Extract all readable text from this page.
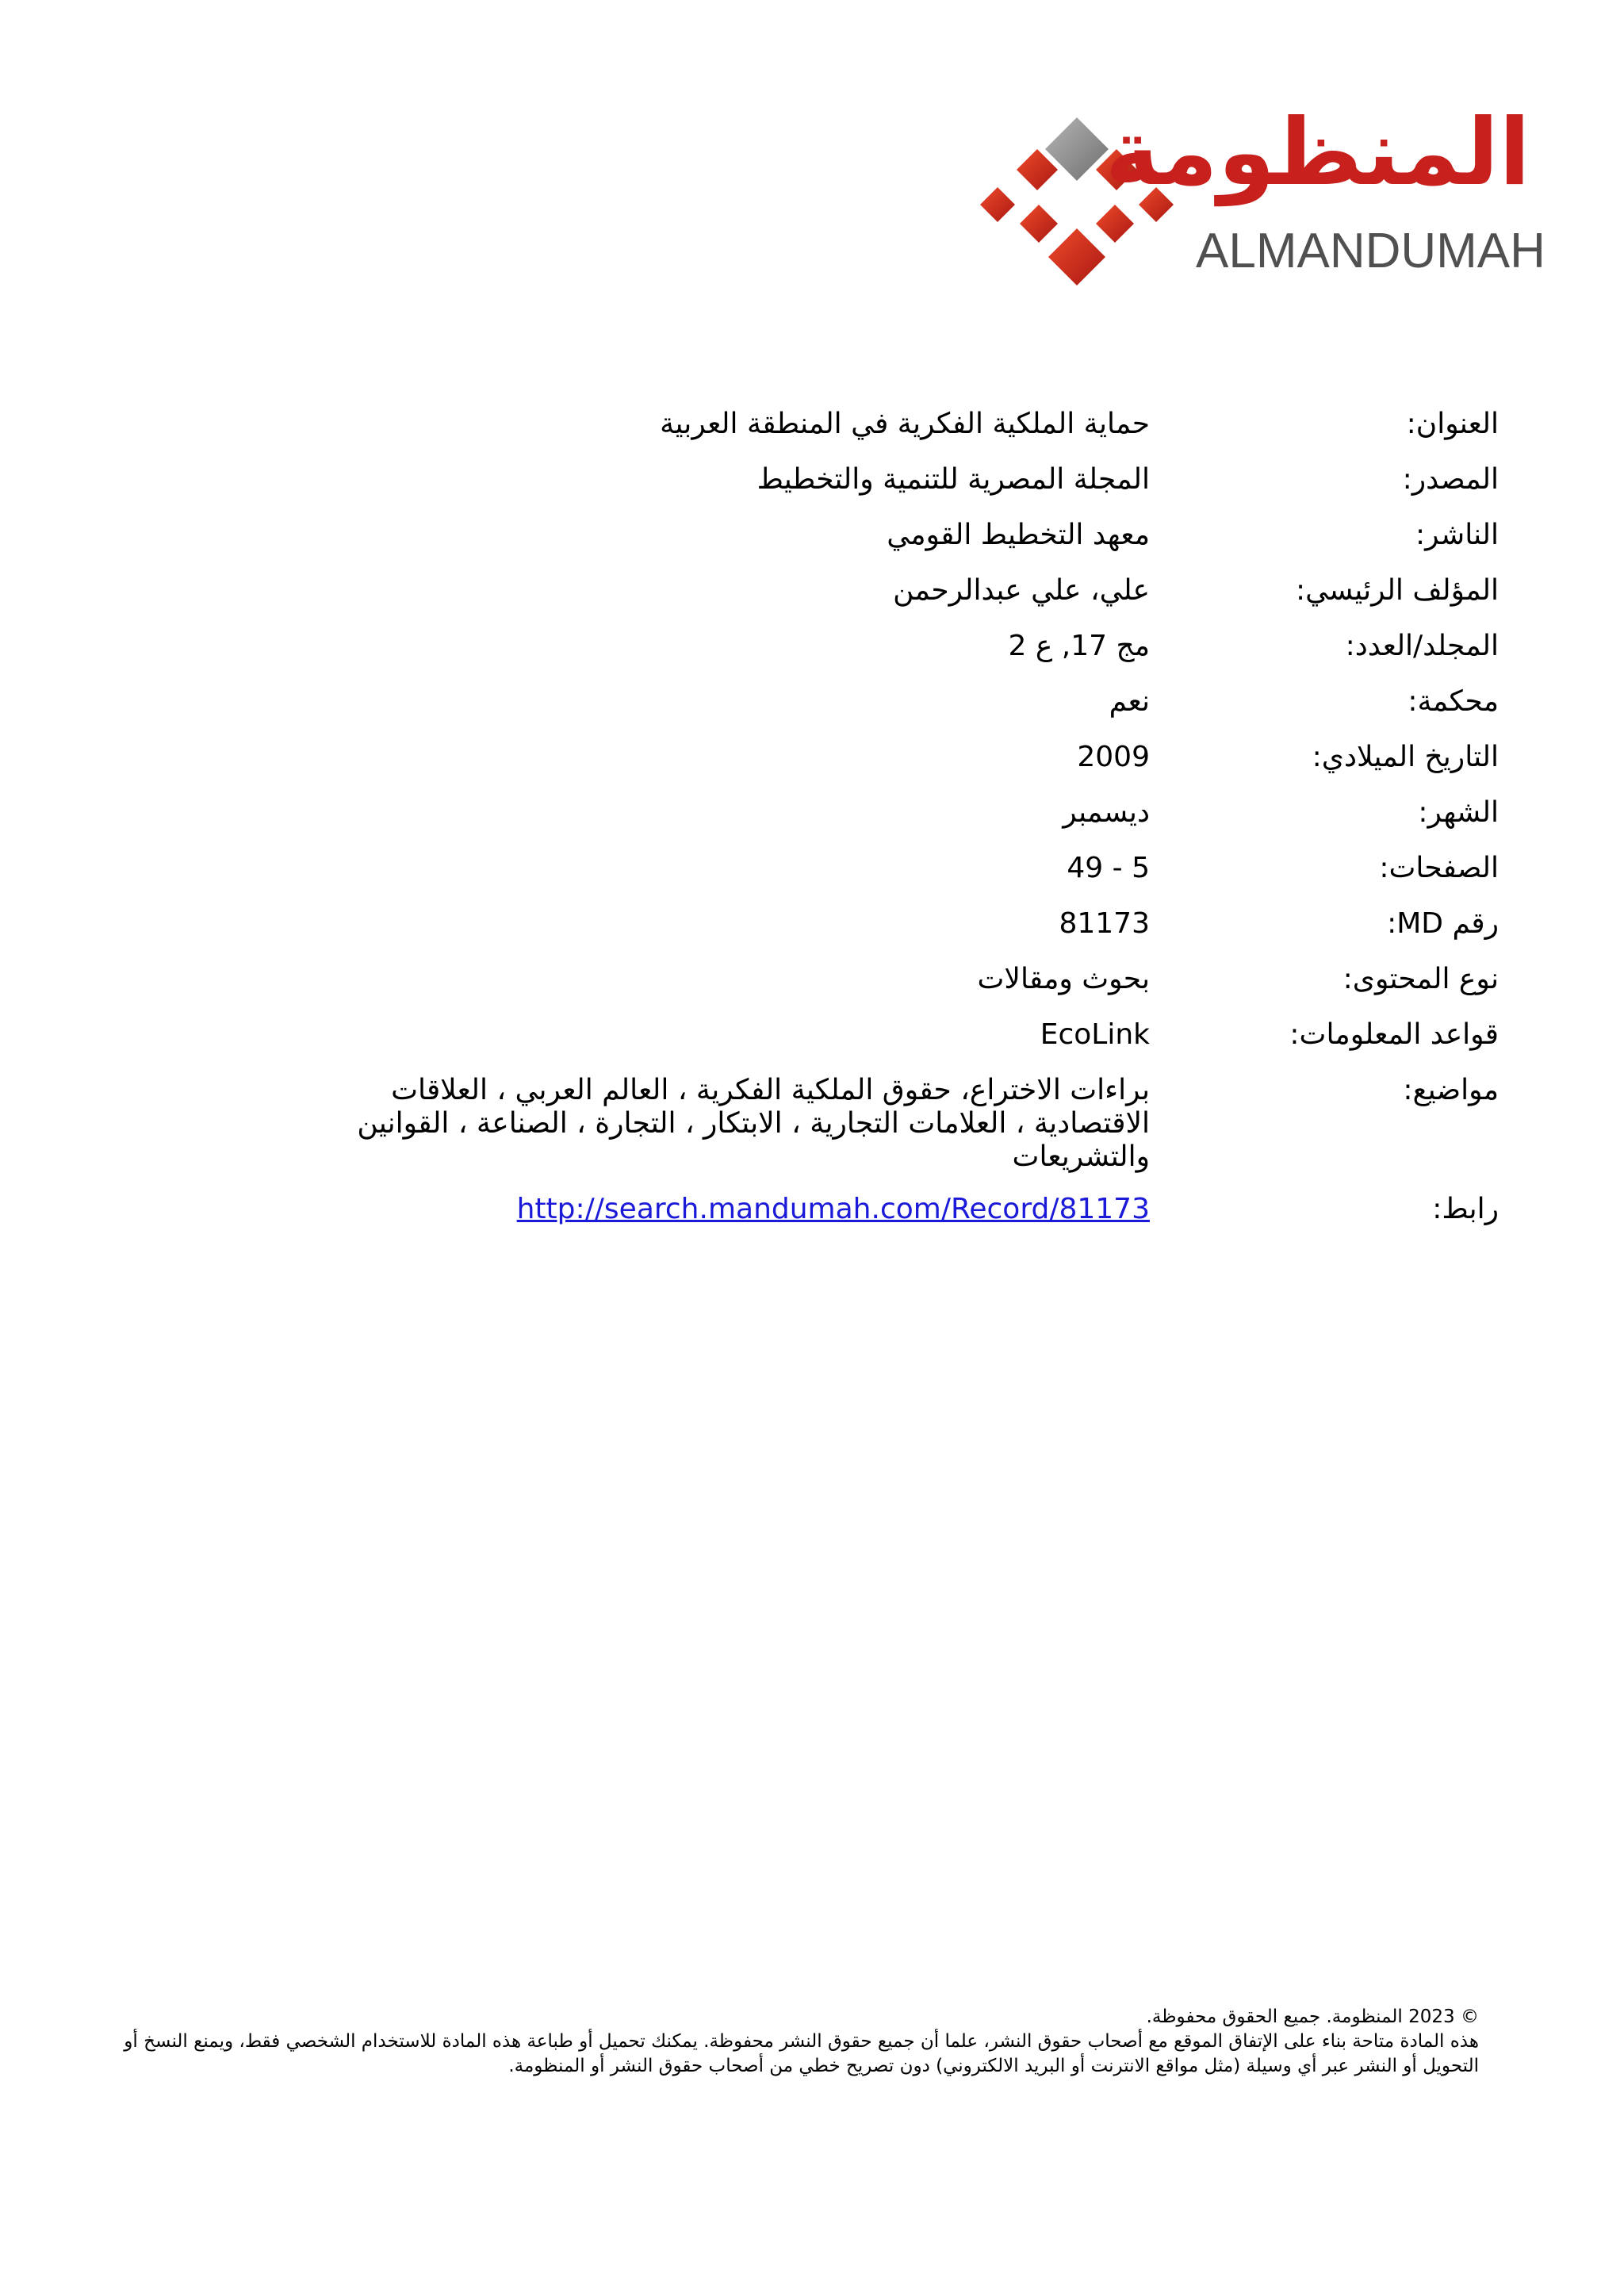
المنظومة
ALMANDUMAH
العنوان:
حماية الملكية الفكرية في المنطقة العربية
المصدر:
المجلة المصرية للتنمية والتخطيط
الناشر:
معهد التخطيط القومي
المؤلف الرئيسي:
علي، علي عبدالرحمن
المجلد/العدد:
مج 17, ع 2
محكمة:
نعم
التاريخ الميلادي:
2009
الشهر:
ديسمبر
الصفحات:
5 - 49
رقم MD:
81173
نوع المحتوى:
بحوث ومقالات
قواعد المعلومات:
EcoLink
مواضيع:
براءات الاختراع، حقوق الملكية الفكرية ، العالم العربي ، العلاقات الاقتصادية ، العلامات التجارية ، الابتكار ، التجارة ، الصناعة ، القوانين والتشريعات
رابط:
http://search.mandumah.com/Record/81173

© 2023 المنظومة. جميع الحقوق محفوظة.

هذه المادة متاحة بناء على الإتفاق الموقع مع أصحاب حقوق النشر، علما أن جميع حقوق النشر محفوظة. يمكنك تحميل أو طباعة هذه المادة للاستخدام الشخصي فقط، ويمنع النسخ أو التحويل أو النشر عبر أي وسيلة (مثل مواقع الانترنت أو البريد الالكتروني) دون تصريح خطي من أصحاب حقوق النشر أو المنظومة.
